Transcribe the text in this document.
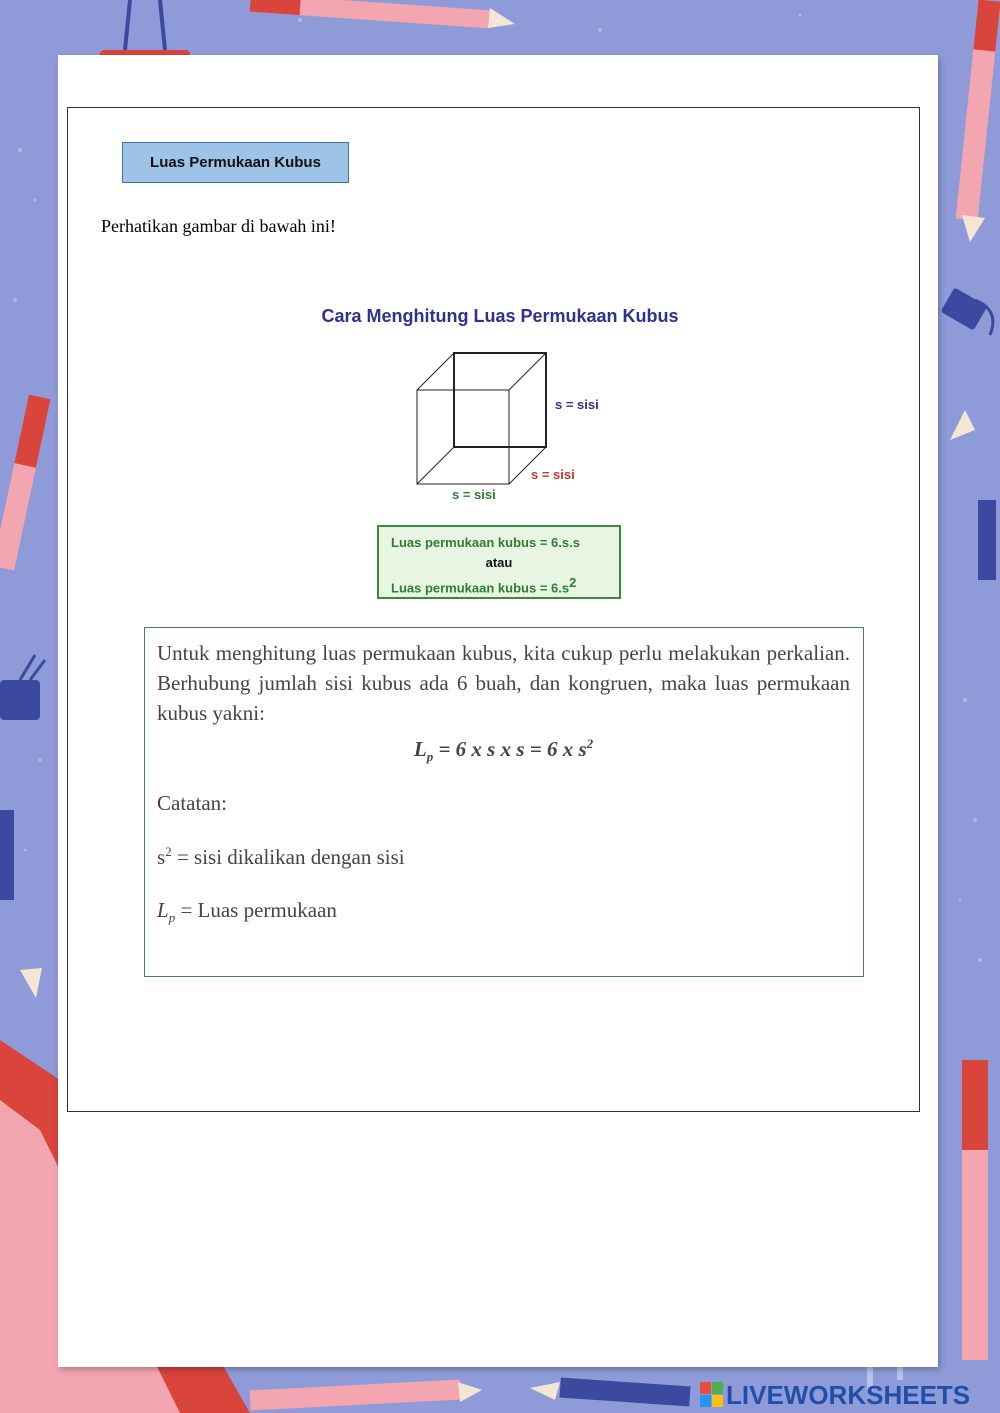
Luas Permukaan Kubus
Perhatikan gambar di bawah ini!
Cara Menghitung Luas Permukaan Kubus
s = sisi
s = sisi
s = sisi
Luas permukaan kubus = 6.s.s
atau
Luas permukaan kubus = $6.s^2$

Untuk menghitung luas permukaan kubus, kita cukup perlu melakukan perkalian. Berhubung jumlah sisi kubus ada 6 buah, dan kongruen, maka luas permukaan kubus yakni:

$L_p = 6$ x s x s = 6 x $s^2$

Catatan:

$s^2$ = sisi dikalikan dengan sisi

$L_p$ = Luas permukaan

LIVEWORKSHEETS
